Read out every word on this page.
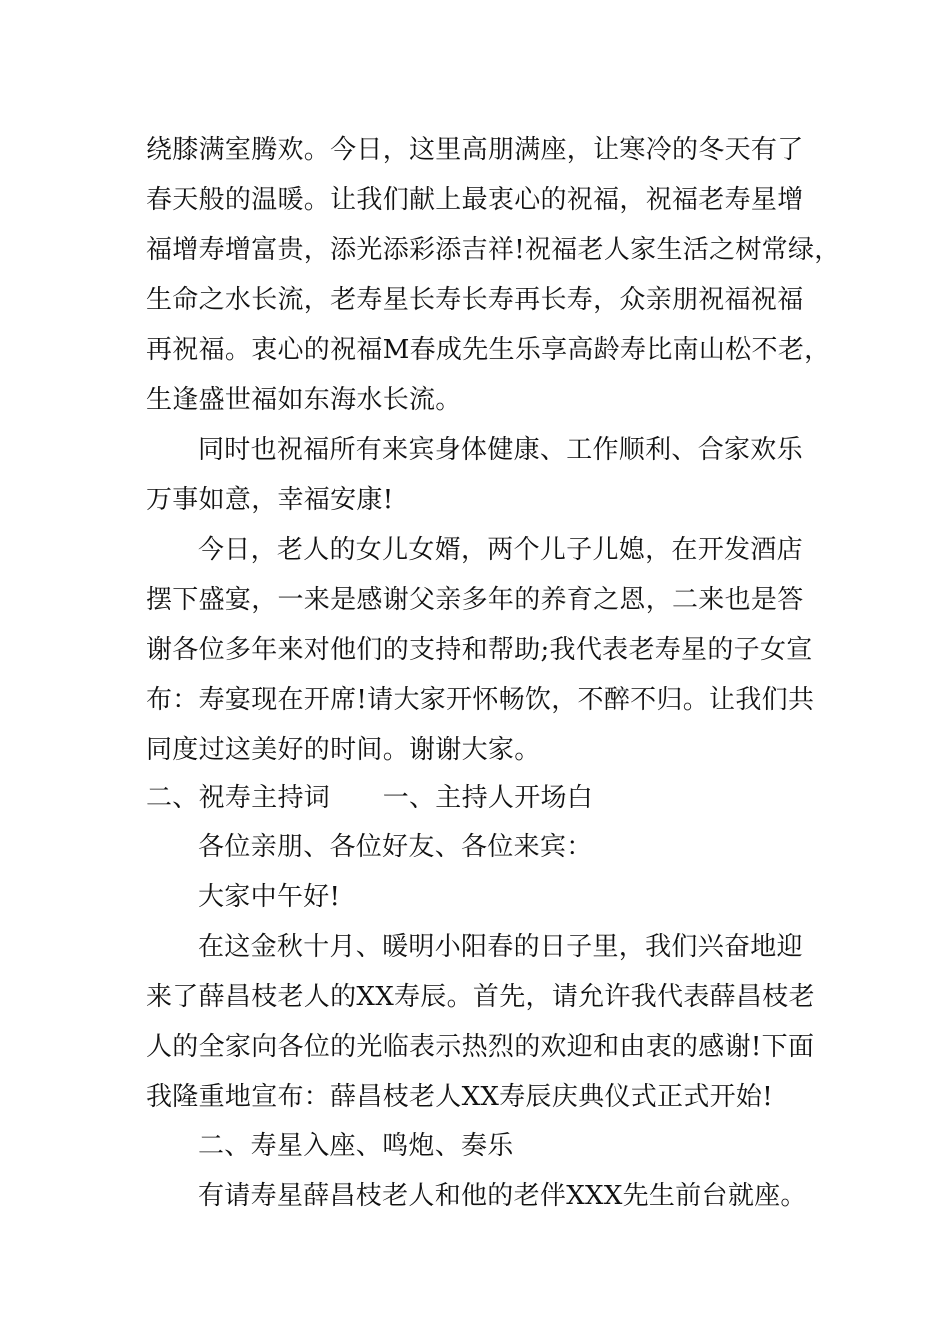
绕膝满室腾欢。今日，这里高朋满座，让寒冷的冬天有了
春天般的温暖。让我们献上最衷心的祝福，祝福老寿星增
福增寿增富贵，添光添彩添吉祥!祝福老人家生活之树常绿，
生命之水长流，老寿星长寿长寿再长寿，众亲朋祝福祝福
再祝福。衷心的祝福M春成先生乐享高龄寿比南山松不老，
生逢盛世福如东海水长流。
同时也祝福所有来宾身体健康、工作顺利、合家欢乐
万事如意，幸福安康!
今日，老人的女儿女婿，两个儿子儿媳，在开发酒店
摆下盛宴，一来是感谢父亲多年的养育之恩，二来也是答
谢各位多年来对他们的支持和帮助;我代表老寿星的子女宣
布：寿宴现在开席!请大家开怀畅饮，不醉不归。让我们共
同度过这美好的时间。谢谢大家。
二、祝寿主持词　　一、主持人开场白
各位亲朋、各位好友、各位来宾：
大家中午好!
在这金秋十月、暖明小阳春的日子里，我们兴奋地迎
来了薛昌枝老人的XX寿辰。首先，请允许我代表薛昌枝老
人的全家向各位的光临表示热烈的欢迎和由衷的感谢!下面
我隆重地宣布：薛昌枝老人XX寿辰庆典仪式正式开始!
二、寿星入座、鸣炮、奏乐
有请寿星薛昌枝老人和他的老伴XXX先生前台就座。
